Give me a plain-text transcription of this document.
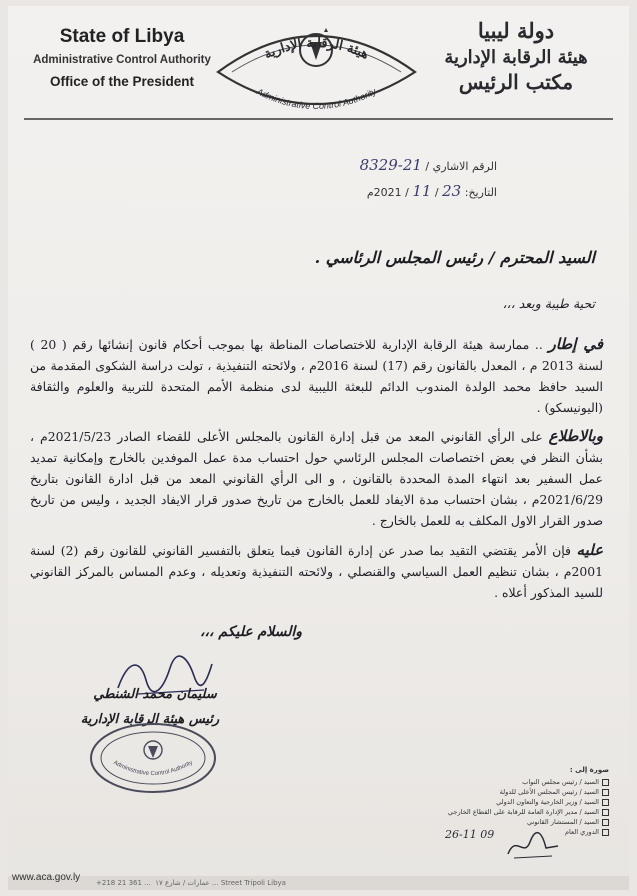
State of Libya
Administrative Control Authority
Office of the President
دولة ليبيا
هيئة الرقابة الإدارية
مكتب الرئيس
هيئة الرقابة الإدارية
Administrative Control Authority
الرقم الاشاري / 21-8329
التاريخ: 23 / 11 / 2021م
السيد المحترم / رئيس المجلس الرئاسي .
تحية طيبة وبعد ،،،
في إطار .. ممارسة هيئة الرقابة الإدارية للاختصاصات المناطة بها بموجب أحكام قانون إنشائها رقم ( 20 ) لسنة 2013 م ، المعدل بالقانون رقم (17) لسنة 2016م ، ولائحته التنفيذية ، تولت دراسة الشكوى المقدمة من السيد حافظ محمد الولدة المندوب الدائم للبعثة الليبية لدى منظمة الأمم المتحدة للتربية والعلوم والثقافة (اليونيسكو) .
وبالاطلاع على الرأي القانوني المعد من قبل إدارة القانون بالمجلس الأعلى للقضاء الصادر 2021/5/23م ، بشأن النظر في بعض اختصاصات المجلس الرئاسي حول احتساب مدة عمل الموفدين بالخارج وإمكانية تمديد عمل السفير بعد انتهاء المدة المحددة بالقانون ، و الى الرأي القانوني المعد من قبل ادارة القانون بتاريخ 2021/6/29م ، بشان احتساب مدة الايفاد للعمل بالخارج من تاريخ صدور قرار الايفاد الجديد ، وليس من تاريخ صدور القرار الاول المكلف به للعمل بالخارج .
عليه فإن الأمر يقتضي التقيد بما صدر عن إدارة القانون فيما يتعلق بالتفسير القانوني للقانون رقم (2) لسنة 2001م ، بشان تنظيم العمل السياسي والقنصلي ، ولائحته التنفيذية وتعديله ، وعدم المساس بالمركز القانوني للسيد المذكور أعلاه .
والسلام عليكم ،،،
سليمان محمد الشنطي
رئيس هيئة الرقابة الإدارية
Administrative Control Authority
صورة إلى :
السيد / رئيس مجلس النواب
السيد / رئيس المجلس الأعلى للدولة
السيد / وزير الخارجية والتعاون الدولي
السيد / مدير الإدارة العامة للرقابة على القطاع الخارجي
السيد / المستشار القانوني
الدوري العام
26-11 09
www.aca.gov.ly +218 21 361 ... ‎ ۱۷ عمارات / شارع ... Street Tripoli Libya
